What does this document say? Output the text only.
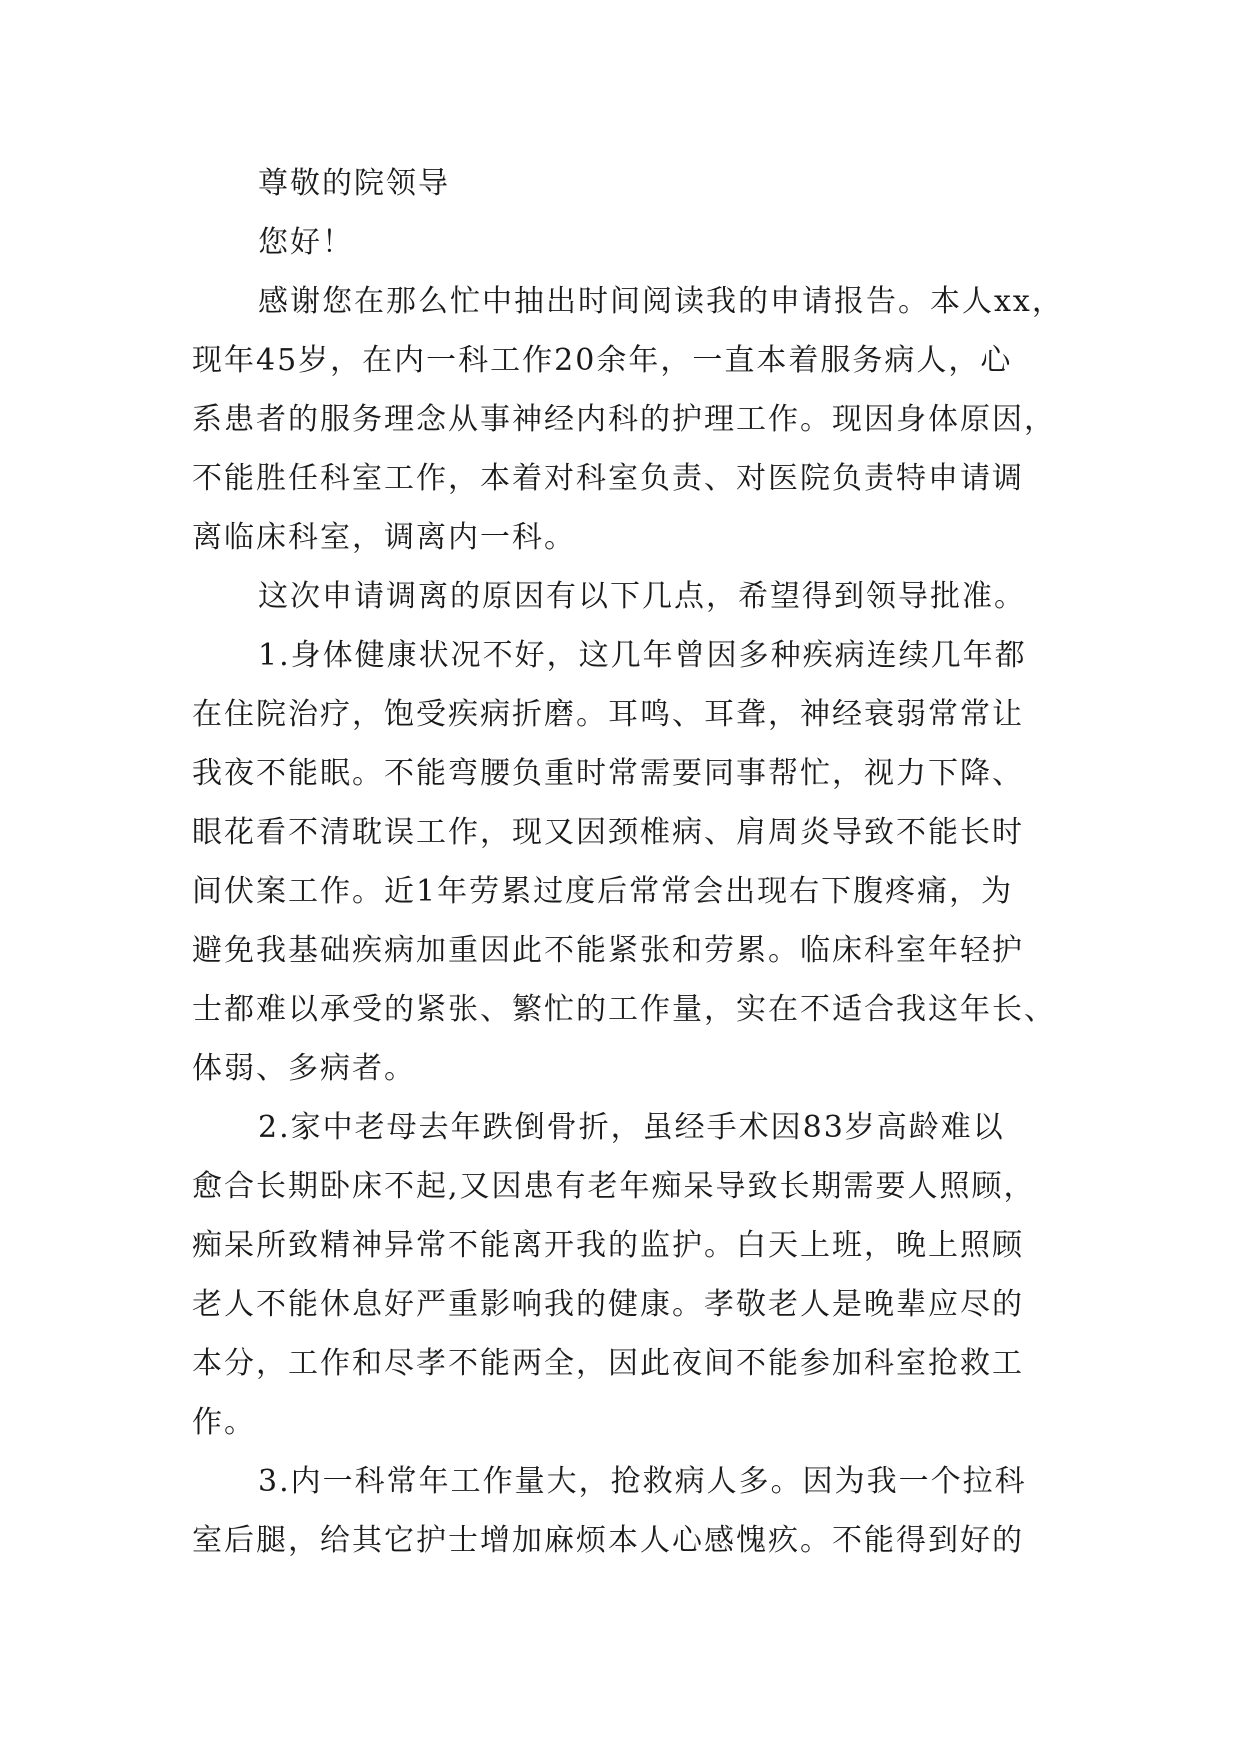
尊敬的院领导
您好！
感谢您在那么忙中抽出时间阅读我的申请报告。本人xx，
现年45岁，在内一科工作20余年，一直本着服务病人，心
系患者的服务理念从事神经内科的护理工作。现因身体原因，
不能胜任科室工作，本着对科室负责、对医院负责特申请调
离临床科室，调离内一科。
这次申请调离的原因有以下几点，希望得到领导批准。
1.身体健康状况不好，这几年曾因多种疾病连续几年都
在住院治疗，饱受疾病折磨。耳鸣、耳聋，神经衰弱常常让
我夜不能眠。不能弯腰负重时常需要同事帮忙，视力下降、
眼花看不清耽误工作，现又因颈椎病、肩周炎导致不能长时
间伏案工作。近1年劳累过度后常常会出现右下腹疼痛，为
避免我基础疾病加重因此不能紧张和劳累。临床科室年轻护
士都难以承受的紧张、繁忙的工作量，实在不适合我这年长、
体弱、多病者。
2.家中老母去年跌倒骨折，虽经手术因83岁高龄难以
愈合长期卧床不起,又因患有老年痴呆导致长期需要人照顾，
痴呆所致精神异常不能离开我的监护。白天上班，晚上照顾
老人不能休息好严重影响我的健康。孝敬老人是晚辈应尽的
本分，工作和尽孝不能两全，因此夜间不能参加科室抢救工
作。
3.内一科常年工作量大，抢救病人多。因为我一个拉科
室后腿，给其它护士增加麻烦本人心感愧疚。不能得到好的
